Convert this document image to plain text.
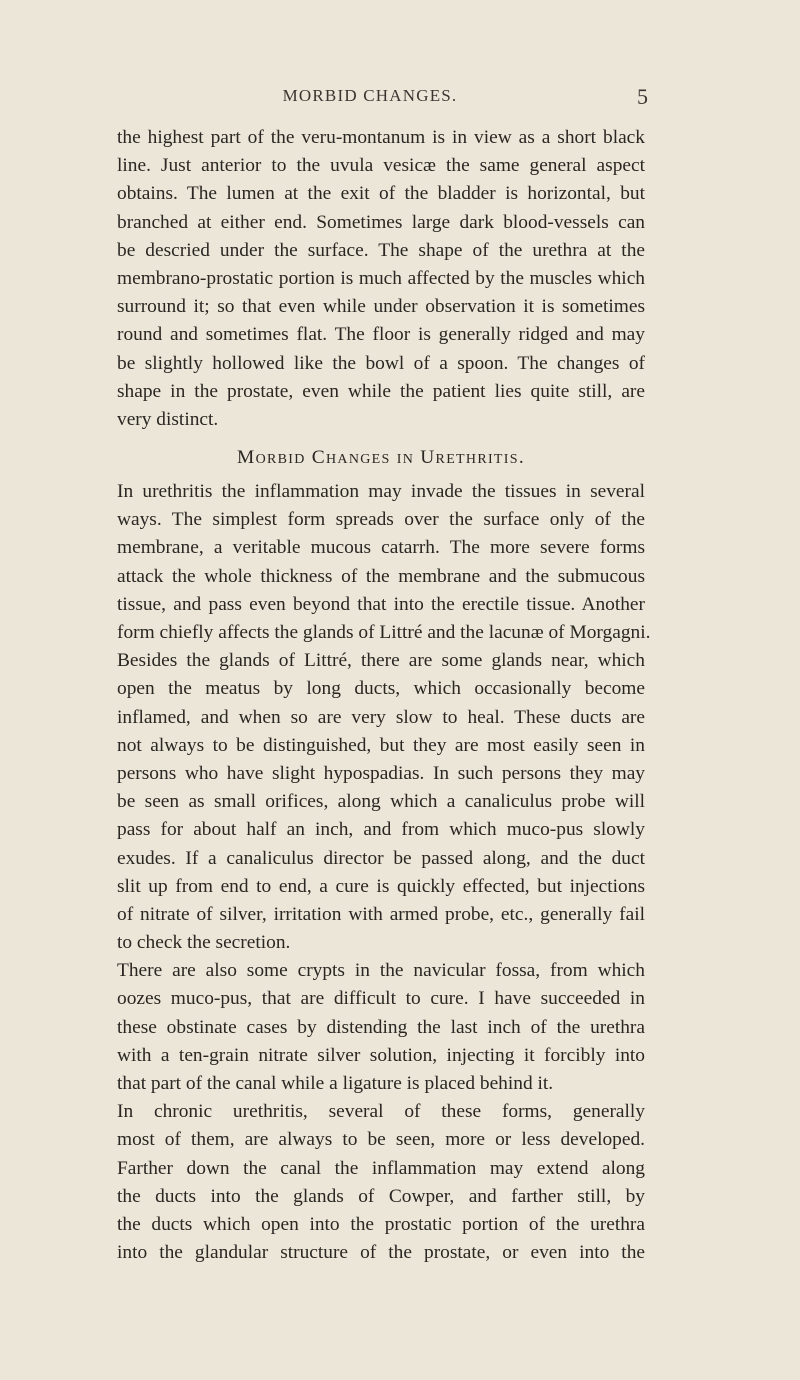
MORBID CHANGES.	5
the highest part of the veru-montanum is in view as a short black
line. Just anterior to the uvula vesicæ the same general aspect
obtains. The lumen at the exit of the bladder is horizontal, but
branched at either end. Sometimes large dark blood-vessels can
be descried under the surface. The shape of the urethra at the
membrano-prostatic portion is much affected by the muscles which
surround it; so that even while under observation it is sometimes
round and sometimes flat. The floor is generally ridged and may
be slightly hollowed like the bowl of a spoon. The changes of
shape in the prostate, even while the patient lies quite still, are
very distinct.
Morbid Changes in Urethritis.
In urethritis the inflammation may invade the tissues in several
ways. The simplest form spreads over the surface only of the
membrane, a veritable mucous catarrh. The more severe forms
attack the whole thickness of the membrane and the submucous
tissue, and pass even beyond that into the erectile tissue. Another
form chiefly affects the glands of Littré and the lacunæ of Morgagni.
Besides the glands of Littré, there are some glands near, which
open the meatus by long ducts, which occasionally become
inflamed, and when so are very slow to heal. These ducts are
not always to be distinguished, but they are most easily seen in
persons who have slight hypospadias. In such persons they may
be seen as small orifices, along which a canaliculus probe will
pass for about half an inch, and from which muco-pus slowly
exudes. If a canaliculus director be passed along, and the duct
slit up from end to end, a cure is quickly effected, but injections
of nitrate of silver, irritation with armed probe, etc., generally fail
to check the secretion.
There are also some crypts in the navicular fossa, from which
oozes muco-pus, that are difficult to cure. I have succeeded in
these obstinate cases by distending the last inch of the urethra
with a ten-grain nitrate silver solution, injecting it forcibly into
that part of the canal while a ligature is placed behind it.
In chronic urethritis, several of these forms, generally
most of them, are always to be seen, more or less developed.
Farther down the canal the inflammation may extend along
the ducts into the glands of Cowper, and farther still, by
the ducts which open into the prostatic portion of the urethra
into the glandular structure of the prostate, or even into the
